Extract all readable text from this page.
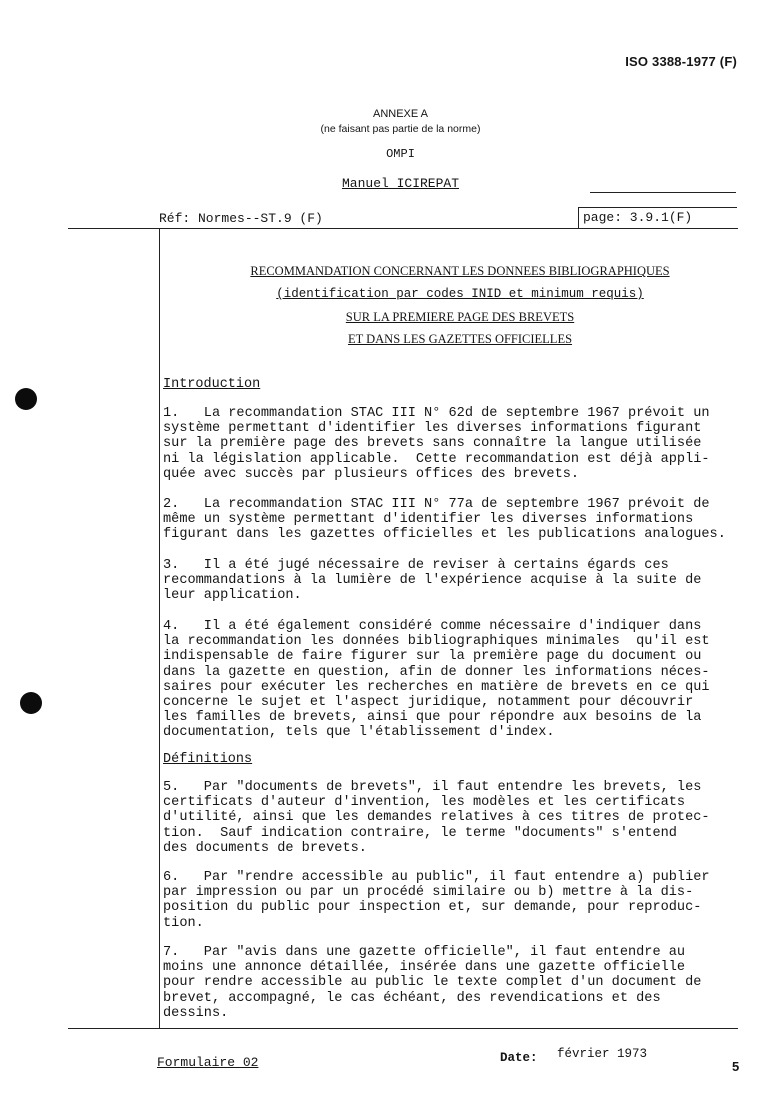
ISO 3388-1977 (F)
ANNEXE A
(ne faisant pas partie de la norme)
OMPI
Manuel ICIREPAT
Réf: Normes--ST.9 (F)	page: 3.9.1(F)
RECOMMANDATION CONCERNANT LES DONNEES BIBLIOGRAPHIQUES
(identification par codes INID et minimum requis)
SUR LA PREMIERE PAGE DES BREVETS
ET DANS LES GAZETTES OFFICIELLES
Introduction
1.   La recommandation STAC III N° 62d de septembre 1967 prévoit un
système permettant d'identifier les diverses informations figurant
sur la première page des brevets sans connaître la langue utilisée
ni la législation applicable.  Cette recommandation est déjà appli-
quée avec succès par plusieurs offices des brevets.
2.   La recommandation STAC III N° 77a de septembre 1967 prévoit de
même un système permettant d'identifier les diverses informations
figurant dans les gazettes officielles et les publications analogues.
3.   Il a été jugé nécessaire de reviser à certains égards ces
recommandations à la lumière de l'expérience acquise à la suite de
leur application.
4.   Il a été également considéré comme nécessaire d'indiquer dans
la recommandation les données bibliographiques minimales  qu'il est
indispensable de faire figurer sur la première page du document ou
dans la gazette en question, afin de donner les informations néces-
saires pour exécuter les recherches en matière de brevets en ce qui
concerne le sujet et l'aspect juridique, notamment pour découvrir
les familles de brevets, ainsi que pour répondre aux besoins de la
documentation, tels que l'établissement d'index.
Définitions
5.   Par "documents de brevets", il faut entendre les brevets, les
certificats d'auteur d'invention, les modèles et les certificats
d'utilité, ainsi que les demandes relatives à ces titres de protec-
tion.  Sauf indication contraire, le terme "documents" s'entend
des documents de brevets.
6.   Par "rendre accessible au public", il faut entendre a) publier
par impression ou par un procédé similaire ou b) mettre à la dis-
position du public pour inspection et, sur demande, pour reproduc-
tion.
7.   Par "avis dans une gazette officielle", il faut entendre au
moins une annonce détaillée, insérée dans une gazette officielle
pour rendre accessible au public le texte complet d'un document de
brevet, accompagné, le cas échéant, des revendications et des
dessins.
Formulaire 02	Date: février 1973
5
